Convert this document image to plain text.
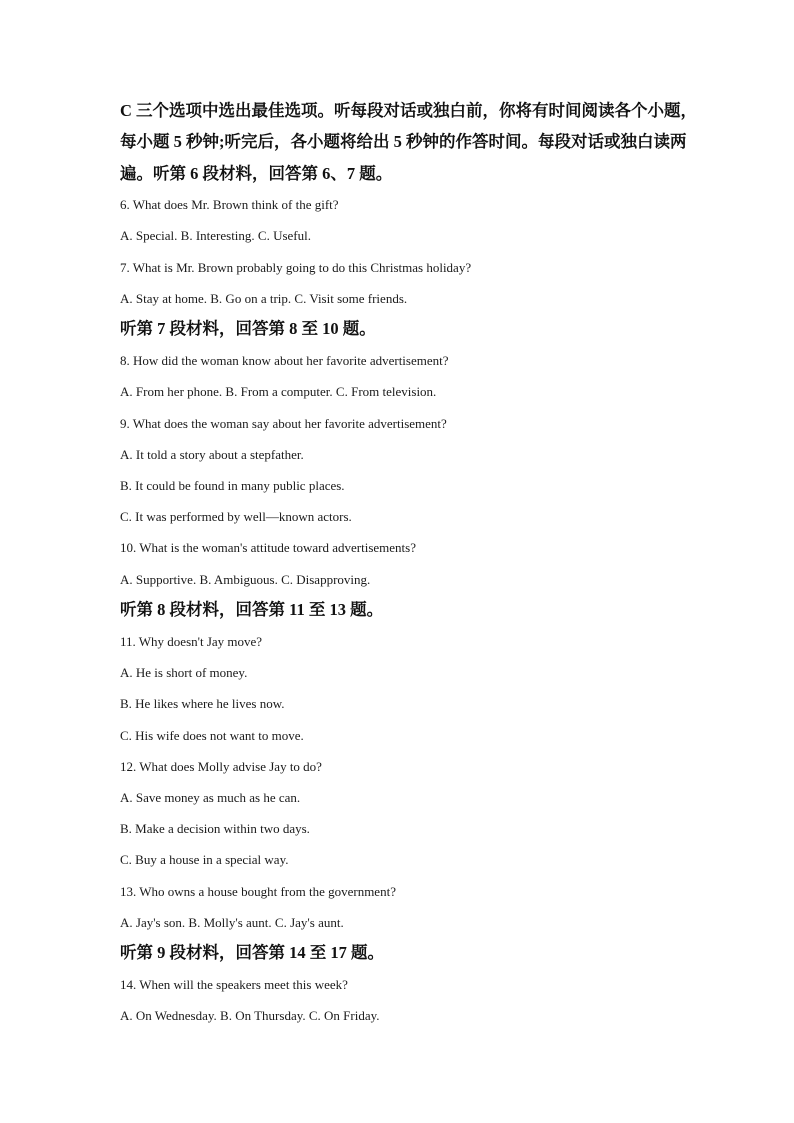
C 三个选项中选出最佳选项。听每段对话或独白前，你将有时间阅读各个小题，
每小题 5 秒钟;听完后，各小题将给出 5 秒钟的作答时间。每段对话或独白读两
遍。听第 6 段材料，回答第 6、7 题。
6. What does Mr. Brown think of the gift?
A. Special. B. Interesting. C. Useful.
7. What is Mr. Brown probably going to do this Christmas holiday?
A. Stay at home. B. Go on a trip. C. Visit some friends.
听第 7 段材料，回答第 8 至 10 题。
8. How did the woman know about her favorite advertisement?
A. From her phone. B. From a computer. C. From television.
9. What does the woman say about her favorite advertisement?
A. It told a story about a stepfather.
B. It could be found in many public places.
C. It was performed by well—known actors.
10. What is the woman's attitude toward advertisements?
A. Supportive. B. Ambiguous. C. Disapproving.
听第 8 段材料，回答第 11 至 13 题。
11. Why doesn't Jay move?
A. He is short of money.
B. He likes where he lives now.
C. His wife does not want to move.
12. What does Molly advise Jay to do?
A. Save money as much as he can.
B. Make a decision within two days.
C. Buy a house in a special way.
13. Who owns a house bought from the government?
A. Jay's son. B. Molly's aunt. C. Jay's aunt.
听第 9 段材料，回答第 14 至 17 题。
14. When will the speakers meet this week?
A. On Wednesday. B. On Thursday. C. On Friday.
